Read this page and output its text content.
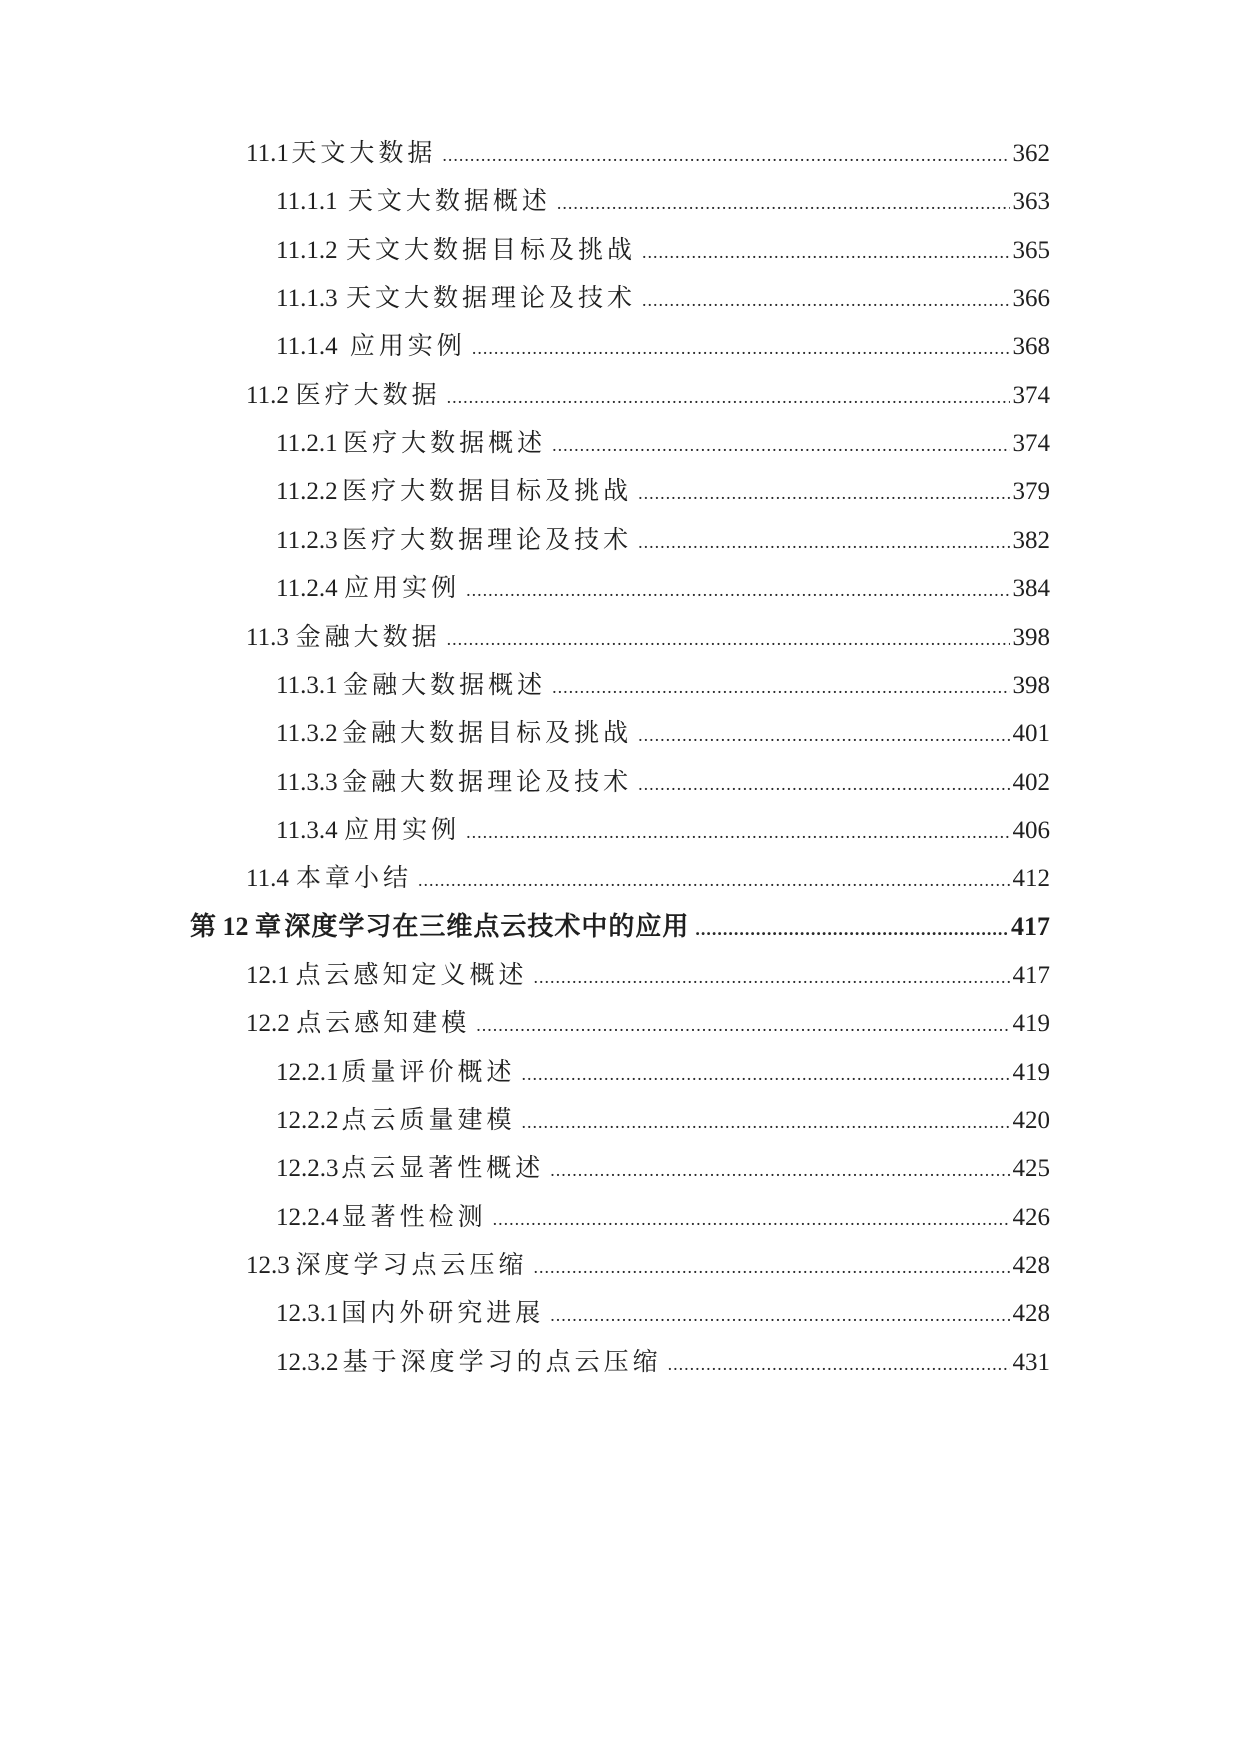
11.1 天文大数据 .....	362
11.1.1 天文大数据概述 .....	363
11.1.2 天文大数据目标及挑战 .....	365
11.1.3 天文大数据理论及技术 .....	366
11.1.4 应用实例 .....	368
11.2 医疗大数据 .....	374
11.2.1 医疗大数据概述 .....	374
11.2.2 医疗大数据目标及挑战 .....	379
11.2.3 医疗大数据理论及技术 .....	382
11.2.4 应用实例 .....	384
11.3 金融大数据 .....	398
11.3.1 金融大数据概述 .....	398
11.3.2 金融大数据目标及挑战 .....	401
11.3.3 金融大数据理论及技术 .....	402
11.3.4 应用实例 .....	406
11.4 本章小结 .....	412
第 12 章 深度学习在三维点云技术中的应用 .....	417
12.1 点云感知定义概述 .....	417
12.2 点云感知建模 .....	419
12.2.1 质量评价概述 .....	419
12.2.2 点云质量建模 .....	420
12.2.3 点云显著性概述 .....	425
12.2.4 显著性检测 .....	426
12.3 深度学习点云压缩 .....	428
12.3.1 国内外研究进展 .....	428
12.3.2 基于深度学习的点云压缩 .....	431
